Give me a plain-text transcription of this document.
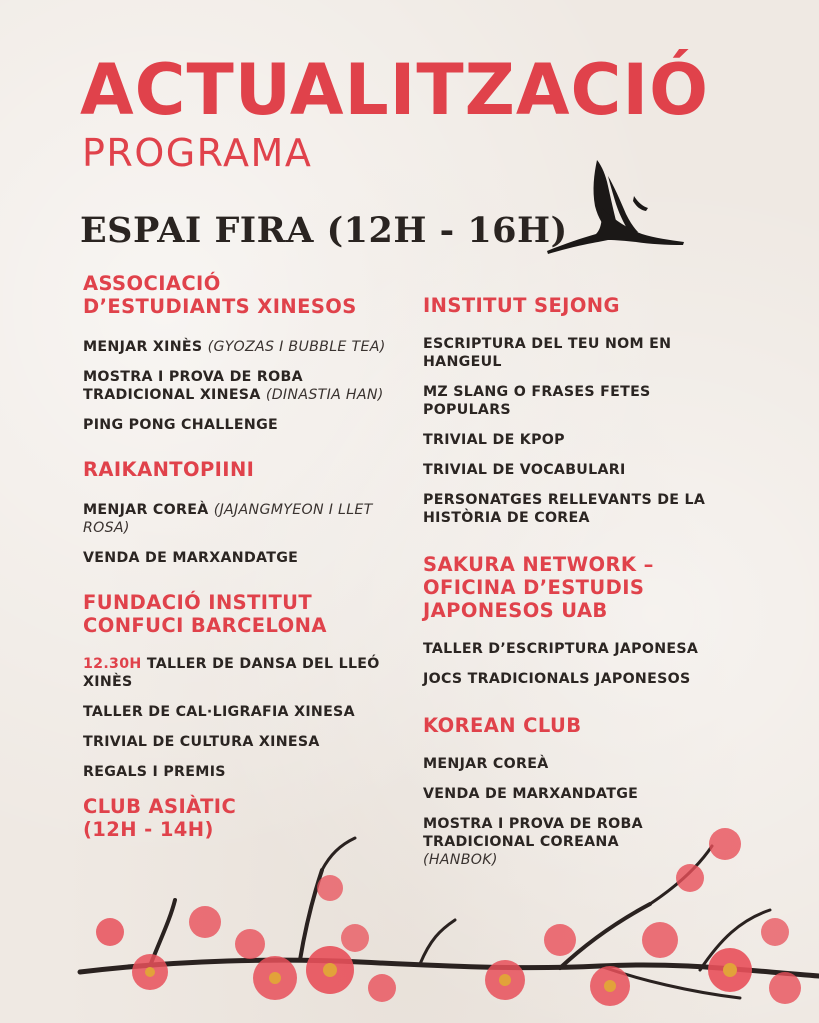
ACTUALITZACIÓ
PROGRAMA
ESPAI FIRA (12H - 16H)

ASSOCIACIÓ
D’ESTUDIANTS XINESOS

MENJAR XINÈS (GYOZAS I BUBBLE TEA)

MOSTRA I PROVA DE ROBA TRADICIONAL XINESA (DINASTIA HAN)

PING PONG CHALLENGE

RAIKANTOPIINI

MENJAR COREÀ (JAJANGMYEON I LLET ROSA)

VENDA DE MARXANDATGE

FUNDACIÓ INSTITUT
CONFUCI BARCELONA

12.30H TALLER DE DANSA DEL LLEÓ XINÈS

TALLER DE CAL·LIGRAFIA XINESA

TRIVIAL DE CULTURA XINESA

REGALS I PREMIS

CLUB ASIÀTIC
(12H - 14H)

INSTITUT SEJONG

ESCRIPTURA DEL TEU NOM EN HANGEUL

MZ SLANG O FRASES FETES POPULARS

TRIVIAL DE KPOP

TRIVIAL DE VOCABULARI

PERSONATGES RELLEVANTS DE LA HISTÒRIA DE COREA

SAKURA NETWORK –
OFICINA D’ESTUDIS
JAPONESOS UAB

TALLER D’ESCRIPTURA JAPONESA

JOCS TRADICIONALS JAPONESOS

KOREAN CLUB

MENJAR COREÀ

VENDA DE MARXANDATGE

MOSTRA I PROVA DE ROBA TRADICIONAL COREANA
(HANBOK)
